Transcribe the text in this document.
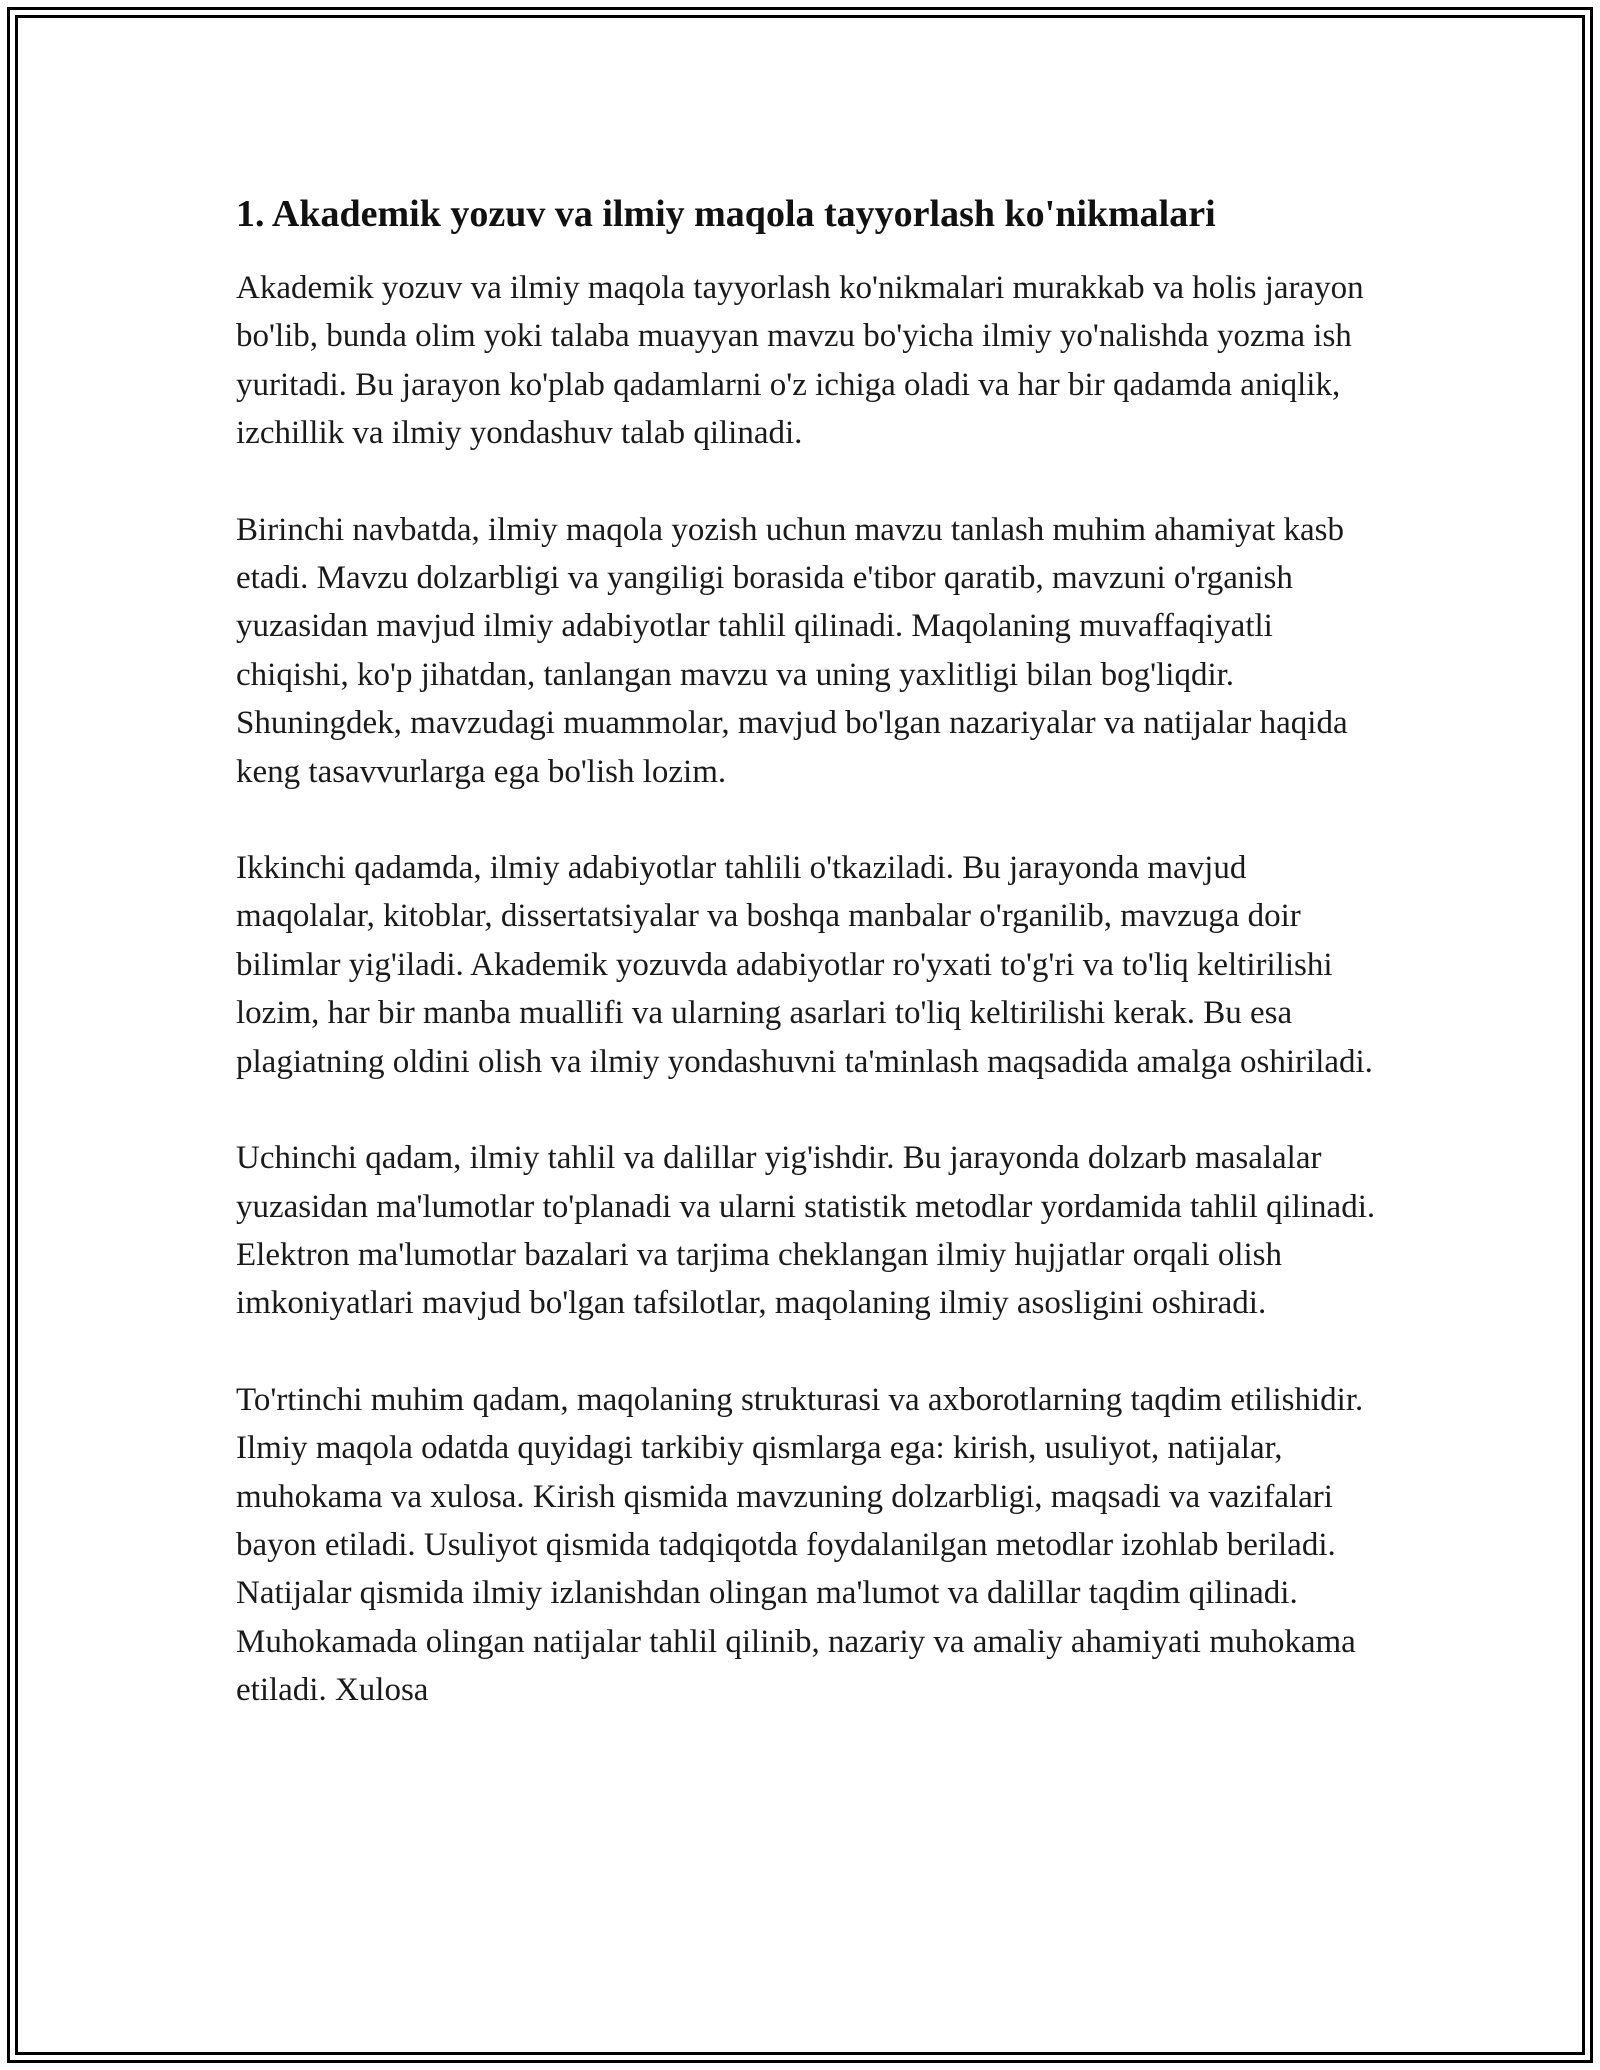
1. Akademik yozuv va ilmiy maqola tayyorlash ko'nikmalari

Akademik yozuv va ilmiy maqola tayyorlash ko'nikmalari murakkab va holis jarayon bo'lib, bunda olim yoki talaba muayyan mavzu bo'yicha ilmiy yo'nalishda yozma ish yuritadi. Bu jarayon ko'plab qadamlarni o'z ichiga oladi va har bir qadamda aniqlik, izchillik va ilmiy yondashuv talab qilinadi.

Birinchi navbatda, ilmiy maqola yozish uchun mavzu tanlash muhim ahamiyat kasb etadi. Mavzu dolzarbligi va yangiligi borasida e'tibor qaratib, mavzuni o'rganish yuzasidan mavjud ilmiy adabiyotlar tahlil qilinadi. Maqolaning muvaffaqiyatli chiqishi, ko'p jihatdan, tanlangan mavzu va uning yaxlitligi bilan bog'liqdir. Shuningdek, mavzudagi muammolar, mavjud bo'lgan nazariyalar va natijalar haqida keng tasavvurlarga ega bo'lish lozim.

Ikkinchi qadamda, ilmiy adabiyotlar tahlili o'tkaziladi. Bu jarayonda mavjud maqolalar, kitoblar, dissertatsiyalar va boshqa manbalar o'rganilib, mavzuga doir bilimlar yig'iladi. Akademik yozuvda adabiyotlar ro'yxati to'g'ri va to'liq keltirilishi lozim, har bir manba muallifi va ularning asarlari to'liq keltirilishi kerak. Bu esa plagiatning oldini olish va ilmiy yondashuvni ta'minlash maqsadida amalga oshiriladi.

Uchinchi qadam, ilmiy tahlil va dalillar yig'ishdir. Bu jarayonda dolzarb masalalar yuzasidan ma'lumotlar to'planadi va ularni statistik metodlar yordamida tahlil qilinadi. Elektron ma'lumotlar bazalari va tarjima cheklangan ilmiy hujjatlar orqali olish imkoniyatlari mavjud bo'lgan tafsilotlar, maqolaning ilmiy asosligini oshiradi.

To'rtinchi muhim qadam, maqolaning strukturasi va axborotlarning taqdim etilishidir. Ilmiy maqola odatda quyidagi tarkibiy qismlarga ega: kirish, usuliyot, natijalar, muhokama va xulosa. Kirish qismida mavzuning dolzarbligi, maqsadi va vazifalari bayon etiladi. Usuliyot qismida tadqiqotda foydalanilgan metodlar izohlab beriladi. Natijalar qismida ilmiy izlanishdan olingan ma'lumot va dalillar taqdim qilinadi. Muhokamada olingan natijalar tahlil qilinib, nazariy va amaliy ahamiyati muhokama etiladi. Xulosa
